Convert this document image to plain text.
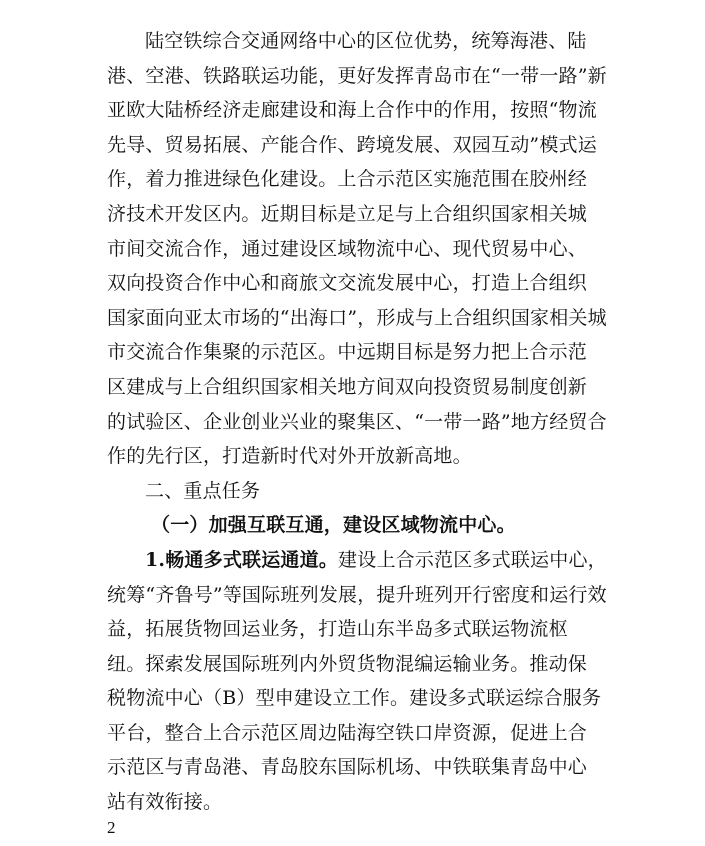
陆空铁综合交通网络中心的区位优势，统筹海港、陆
港、空港、铁路联运功能，更好发挥青岛市在“一带一路”新
亚欧大陆桥经济走廊建设和海上合作中的作用，按照“物流
先导、贸易拓展、产能合作、跨境发展、双园互动”模式运
作，着力推进绿色化建设。上合示范区实施范围在胶州经
济技术开发区内。近期目标是立足与上合组织国家相关城
市间交流合作，通过建设区域物流中心、现代贸易中心、
双向投资合作中心和商旅文交流发展中心，打造上合组织
国家面向亚太市场的“出海口”，形成与上合组织国家相关城
市交流合作集聚的示范区。中远期目标是努力把上合示范
区建成与上合组织国家相关地方间双向投资贸易制度创新
的试验区、企业创业兴业的聚集区、“一带一路”地方经贸合
作的先行区，打造新时代对外开放新高地。
二、重点任务
（一）加强互联互通，建设区域物流中心。
1.畅通多式联运通道。建设上合示范区多式联运中心，
统筹“齐鲁号”等国际班列发展，提升班列开行密度和运行效
益，拓展货物回运业务，打造山东半岛多式联运物流枢
纽。探索发展国际班列内外贸货物混编运输业务。推动保
税物流中心（B）型申建设立工作。建设多式联运综合服务
平台，整合上合示范区周边陆海空铁口岸资源，促进上合
示范区与青岛港、青岛胶东国际机场、中铁联集青岛中心
站有效衔接。
2
